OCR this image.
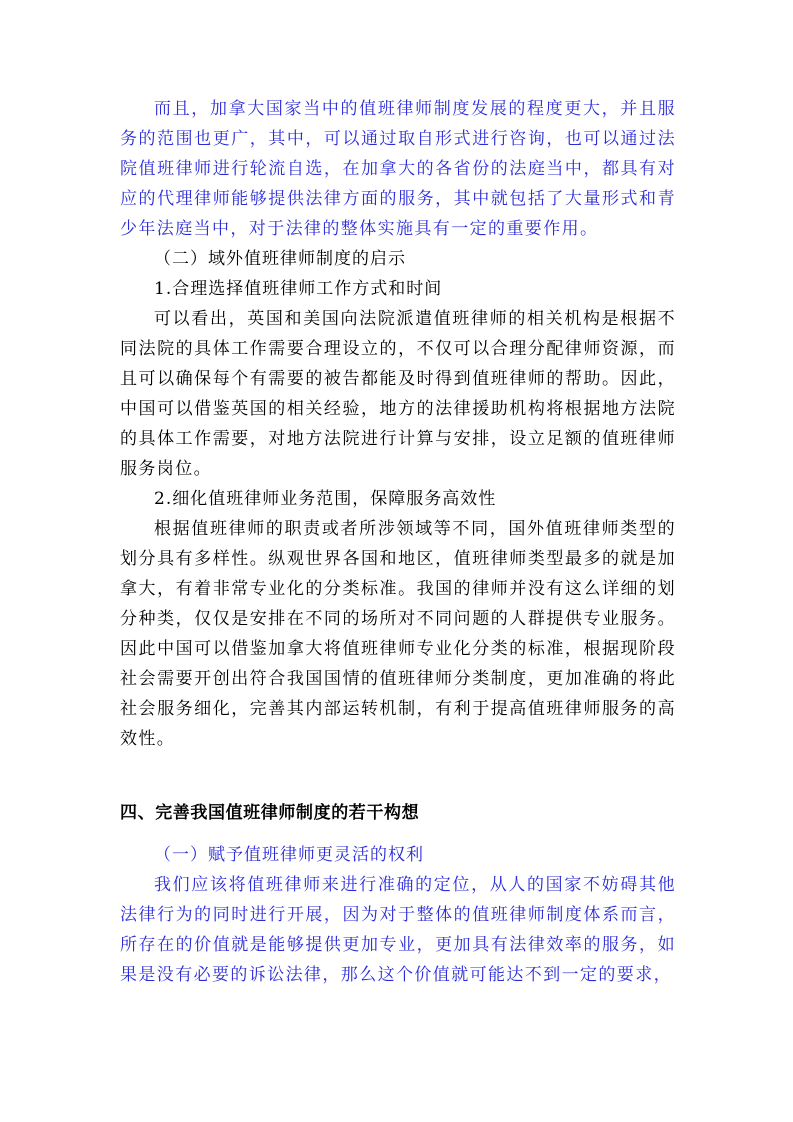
而且，加拿大国家当中的值班律师制度发展的程度更大，并且服务的范围也更广，其中，可以通过取自形式进行咨询，也可以通过法院值班律师进行轮流自选，在加拿大的各省份的法庭当中，都具有对应的代理律师能够提供法律方面的服务，其中就包括了大量形式和青少年法庭当中，对于法律的整体实施具有一定的重要作用。

（二）域外值班律师制度的启示

1.合理选择值班律师工作方式和时间

可以看出，英国和美国向法院派遣值班律师的相关机构是根据不同法院的具体工作需要合理设立的，不仅可以合理分配律师资源，而且可以确保每个有需要的被告都能及时得到值班律师的帮助。因此，中国可以借鉴英国的相关经验，地方的法律援助机构将根据地方法院的具体工作需要，对地方法院进行计算与安排，设立足额的值班律师服务岗位。

2.细化值班律师业务范围，保障服务高效性

根据值班律师的职责或者所涉领域等不同，国外值班律师类型的划分具有多样性。纵观世界各国和地区，值班律师类型最多的就是加拿大，有着非常专业化的分类标准。我国的律师并没有这么详细的划分种类，仅仅是安排在不同的场所对不同问题的人群提供专业服务。因此中国可以借鉴加拿大将值班律师专业化分类的标准，根据现阶段社会需要开创出符合我国国情的值班律师分类制度，更加准确的将此社会服务细化，完善其内部运转机制，有利于提高值班律师服务的高效性。

四、完善我国值班律师制度的若干构想

（一）赋予值班律师更灵活的权利

我们应该将值班律师来进行准确的定位，从人的国家不妨碍其他法律行为的同时进行开展，因为对于整体的值班律师制度体系而言，所存在的价值就是能够提供更加专业，更加具有法律效率的服务，如果是没有必要的诉讼法律，那么这个价值就可能达不到一定的要求，
